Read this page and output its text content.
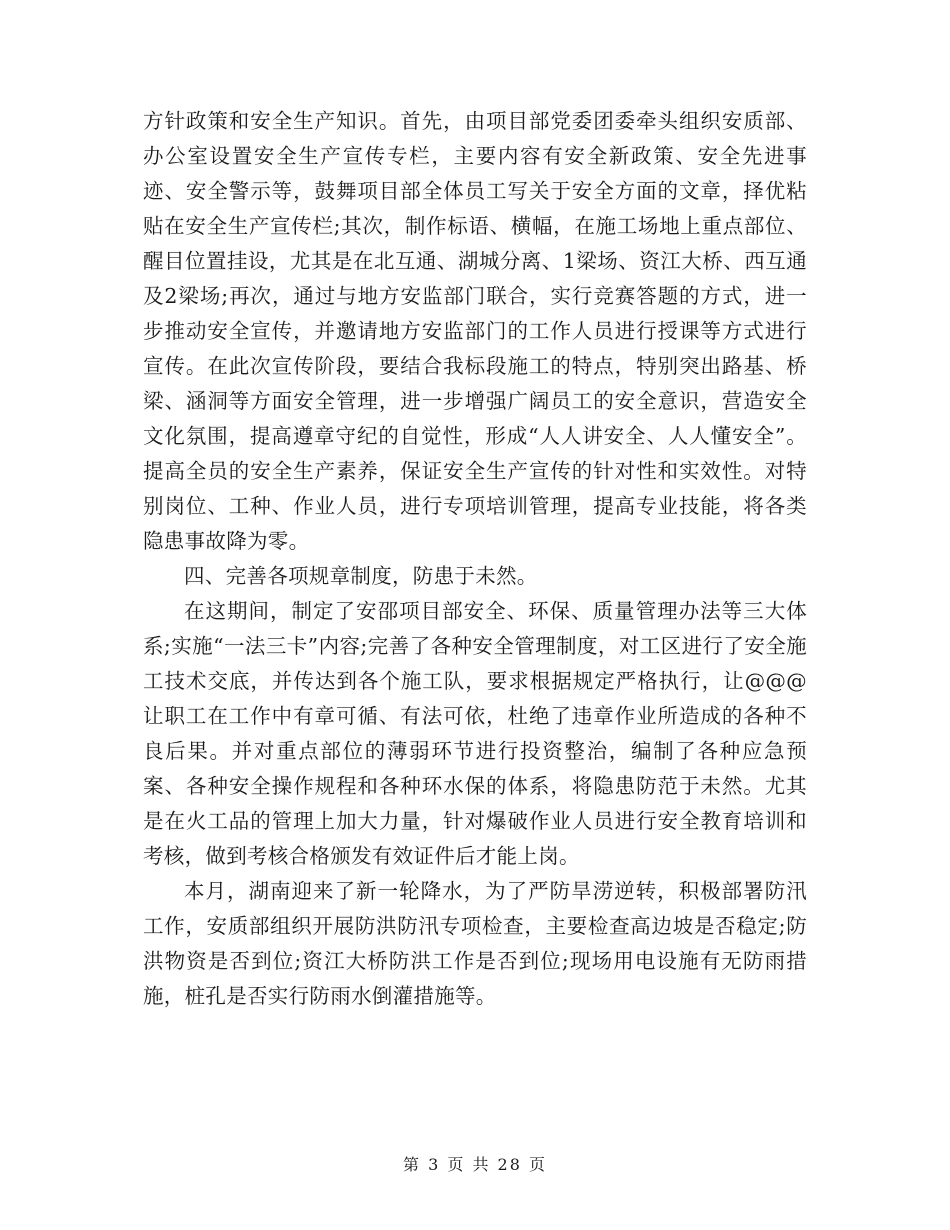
方针政策和安全生产知识。首先，由项目部党委团委牵头组织安质部、办公室设置安全生产宣传专栏，主要内容有安全新政策、安全先进事迹、安全警示等，鼓舞项目部全体员工写关于安全方面的文章，择优粘贴在安全生产宣传栏;其次，制作标语、横幅，在施工场地上重点部位、醒目位置挂设，尤其是在北互通、湖城分离、1梁场、资江大桥、西互通及2梁场;再次，通过与地方安监部门联合，实行竞赛答题的方式，进一步推动安全宣传，并邀请地方安监部门的工作人员进行授课等方式进行宣传。在此次宣传阶段，要结合我标段施工的特点，特别突出路基、桥梁、涵洞等方面安全管理，进一步增强广阔员工的安全意识，营造安全文化氛围，提高遵章守纪的自觉性，形成“人人讲安全、人人懂安全”。提高全员的安全生产素养，保证安全生产宣传的针对性和实效性。对特别岗位、工种、作业人员，进行专项培训管理，提高专业技能，将各类隐患事故降为零。

四、完善各项规章制度，防患于未然。

在这期间，制定了安邵项目部安全、环保、质量管理办法等三大体系;实施“一法三卡”内容;完善了各种安全管理制度，对工区进行了安全施工技术交底，并传达到各个施工队，要求根据规定严格执行，让@@@让职工在工作中有章可循、有法可依，杜绝了违章作业所造成的各种不良后果。并对重点部位的薄弱环节进行投资整治，编制了各种应急预案、各种安全操作规程和各种环水保的体系，将隐患防范于未然。尤其是在火工品的管理上加大力量，针对爆破作业人员进行安全教育培训和考核，做到考核合格颁发有效证件后才能上岗。

本月，湖南迎来了新一轮降水，为了严防旱涝逆转，积极部署防汛工作，安质部组织开展防洪防汛专项检查，主要检查高边坡是否稳定;防洪物资是否到位;资江大桥防洪工作是否到位;现场用电设施有无防雨措施，桩孔是否实行防雨水倒灌措施等。

第 3 页 共 28 页
